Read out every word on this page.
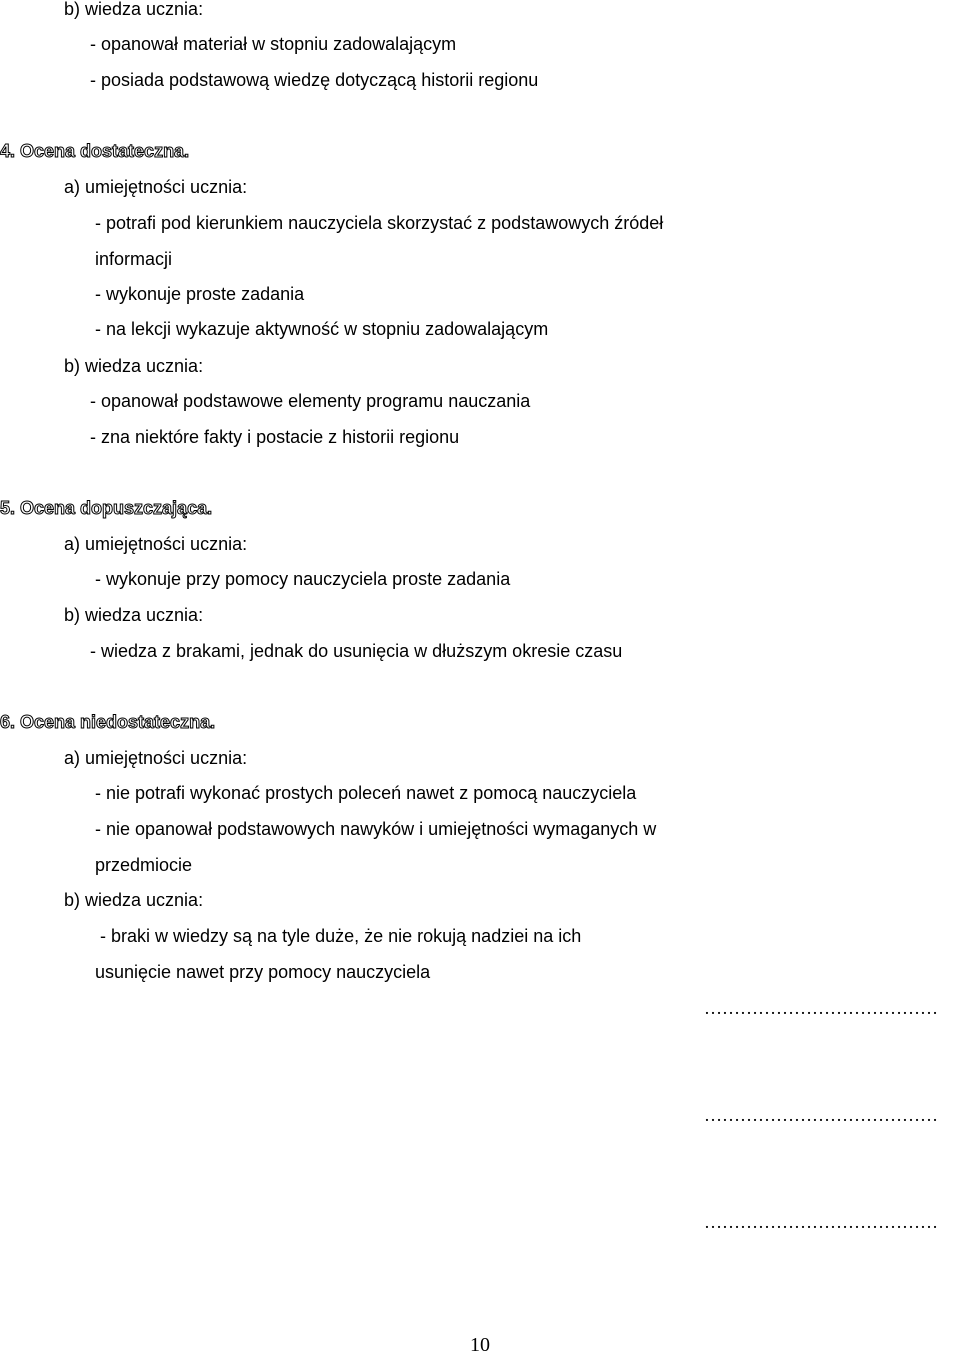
b) wiedza ucznia:
- opanował materiał w stopniu zadowalającym
- posiada podstawową wiedzę dotyczącą historii regionu
4. Ocena dostateczna.
a) umiejętności ucznia:
- potrafi pod kierunkiem nauczyciela skorzystać z podstawowych źródeł
informacji
- wykonuje proste zadania
- na lekcji wykazuje aktywność w stopniu zadowalającym
b) wiedza ucznia:
- opanował podstawowe elementy programu nauczania
- zna niektóre fakty i postacie z historii regionu
5. Ocena dopuszczająca.
a) umiejętności ucznia:
- wykonuje przy pomocy nauczyciela proste zadania
b) wiedza ucznia:
- wiedza z brakami, jednak do usunięcia w dłuższym okresie czasu
6. Ocena niedostateczna.
a) umiejętności ucznia:
- nie potrafi wykonać prostych poleceń nawet z pomocą nauczyciela
- nie opanował podstawowych nawyków i umiejętności wymaganych w
przedmiocie
b) wiedza ucznia:
- braki w wiedzy są na tyle duże, że nie rokują nadziei na ich
usunięcie nawet przy pomocy nauczyciela
…………………………………
…………………………………
…………………………………
10
